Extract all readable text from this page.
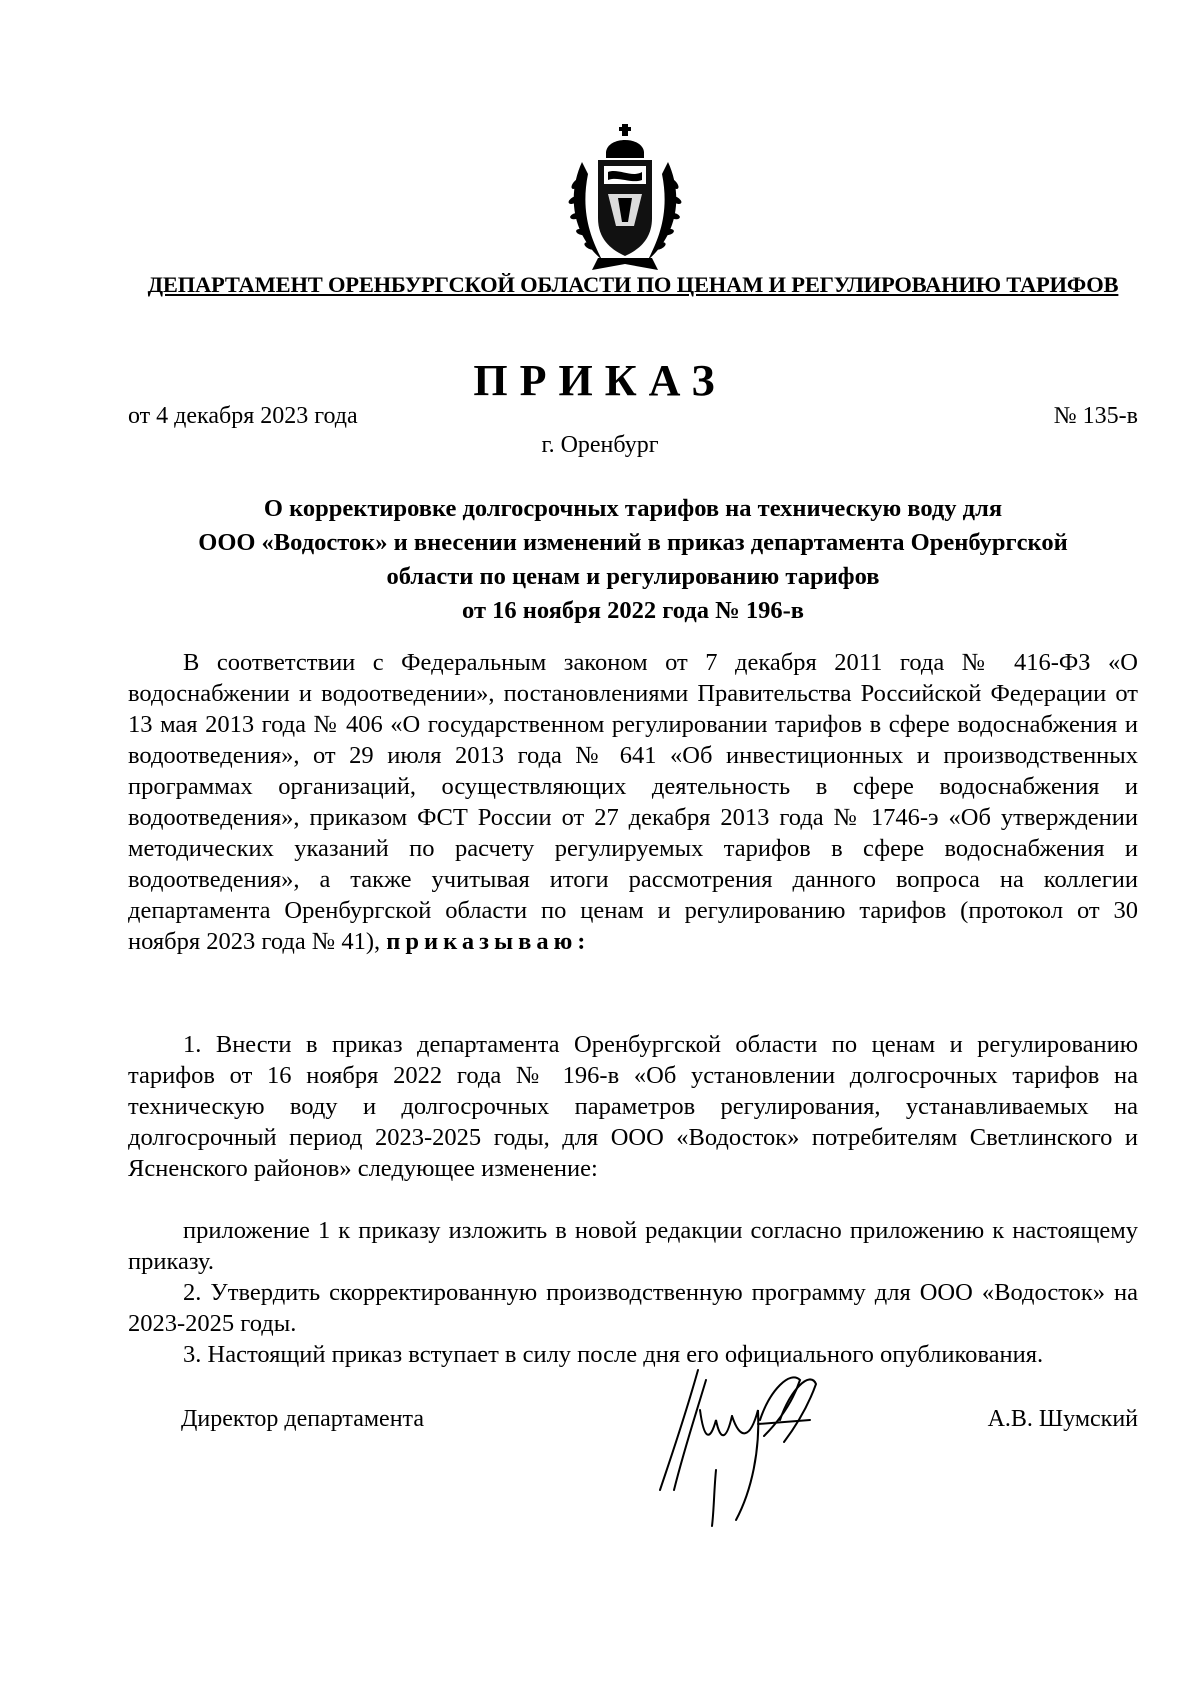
ДЕПАРТАМЕНТ ОРЕНБУРГСКОЙ ОБЛАСТИ ПО ЦЕНАМ И РЕГУЛИРОВАНИЮ ТАРИФОВ
ПРИКАЗ
от 4 декабря 2023 года	№ 135-в
г. Оренбург
О корректировке долгосрочных тарифов на техническую воду для
ООО «Водосток» и внесении изменений в приказ департамента Оренбургской
области по ценам и регулированию тарифов
от 16 ноября 2022 года № 196-в

В соответствии с Федеральным законом от 7 декабря 2011 года № 416-ФЗ «О водоснабжении и водоотведении», постановлениями Правительства Российской Федерации от 13 мая 2013 года № 406 «О государственном регулировании тарифов в сфере водоснабжения и водоотведения», от 29 июля 2013 года № 641 «Об инвестиционных и производственных программах организаций, осуществляющих деятельность в сфере водоснабжения и водоотведения», приказом ФСТ России от 27 декабря 2013 года № 1746-э «Об утверждении методических указаний по расчету регулируемых тарифов в сфере водоснабжения и водоотведения», а также учитывая итоги рассмотрения данного вопроса на коллегии департамента Оренбургской области по ценам и регулированию тарифов (протокол от 30 ноября 2023 года № 41), приказываю:

1. Внести в приказ департамента Оренбургской области по ценам и регулированию тарифов от 16 ноября 2022 года № 196-в «Об установлении долгосрочных тарифов на техническую воду и долгосрочных параметров регулирования, устанавливаемых на долгосрочный период 2023-2025 годы, для ООО «Водосток» потребителям Светлинского и Ясненского районов» следующее изменение:

приложение 1 к приказу изложить в новой редакции согласно приложению к настоящему приказу.

2. Утвердить скорректированную производственную программу для ООО «Водосток» на 2023-2025 годы.

3. Настоящий приказ вступает в силу после дня его официального опубликования.

Директор департамента	А.В. Шумский
